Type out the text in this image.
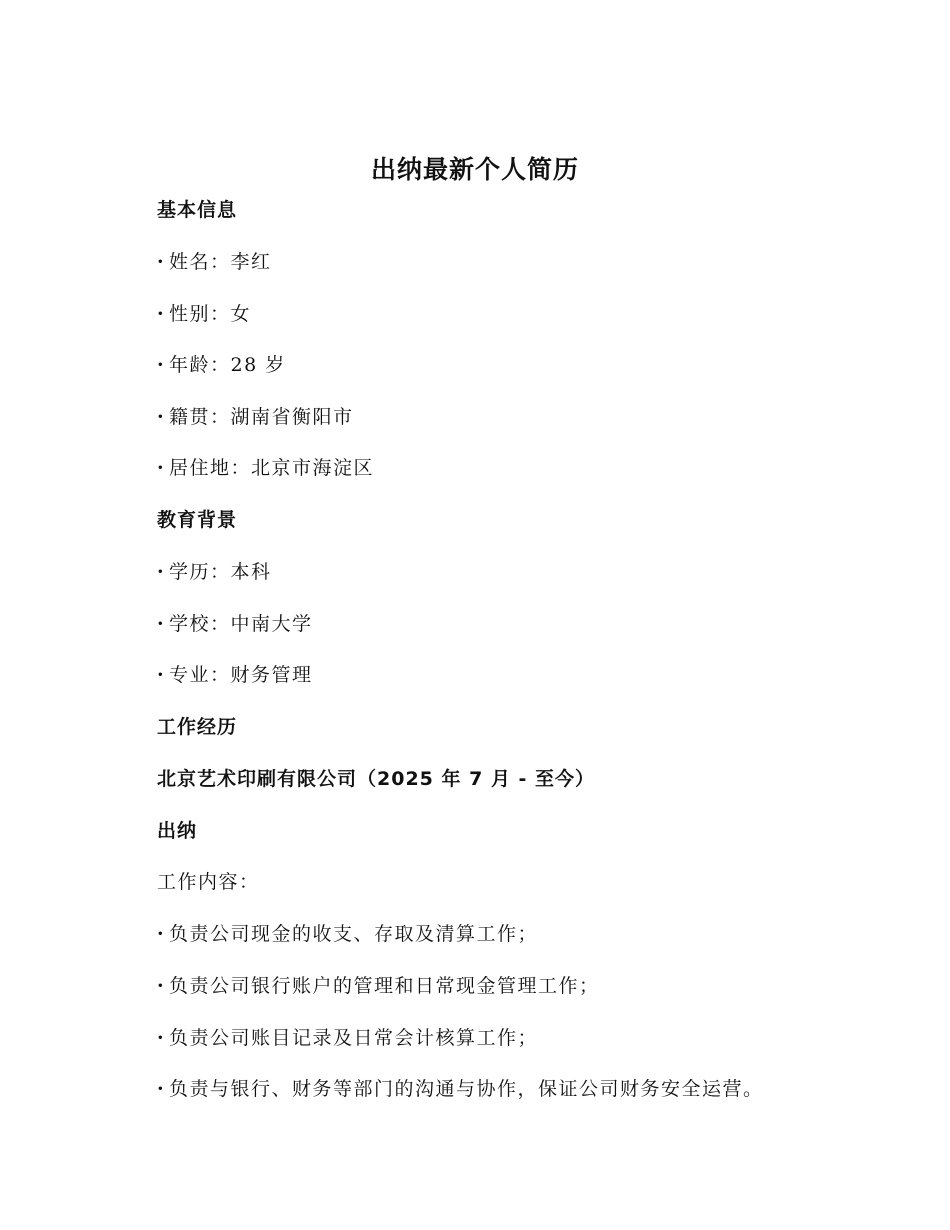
出纳最新个人简历
基本信息
· 姓名：李红
· 性别：女
· 年龄：28 岁
· 籍贯：湖南省衡阳市
· 居住地：北京市海淀区
教育背景
· 学历：本科
· 学校：中南大学
· 专业：财务管理
工作经历
北京艺术印刷有限公司（2025 年 7 月 - 至今）
出纳
工作内容：
· 负责公司现金的收支、存取及清算工作；
· 负责公司银行账户的管理和日常现金管理工作；
· 负责公司账目记录及日常会计核算工作；
· 负责与银行、财务等部门的沟通与协作，保证公司财务安全运营。
